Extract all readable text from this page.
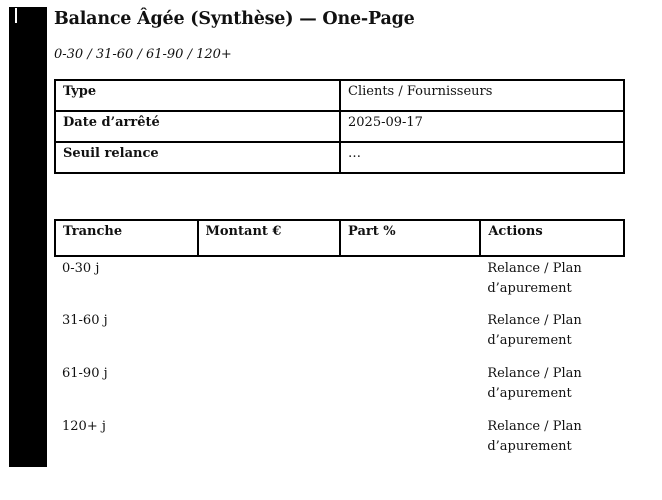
Balance Âgée (Synthèse) — One-Page
0-30 / 31-60 / 61-90 / 120+
Type	Clients / Fournisseurs
Date d’arrêté	2025-09-17
Seuil relance	…
Tranche	Montant €	Part %	Actions
0-30 j			Relance / Plan d’apurement
31-60 j			Relance / Plan d’apurement
61-90 j			Relance / Plan d’apurement
120+ j			Relance / Plan d’apurement
